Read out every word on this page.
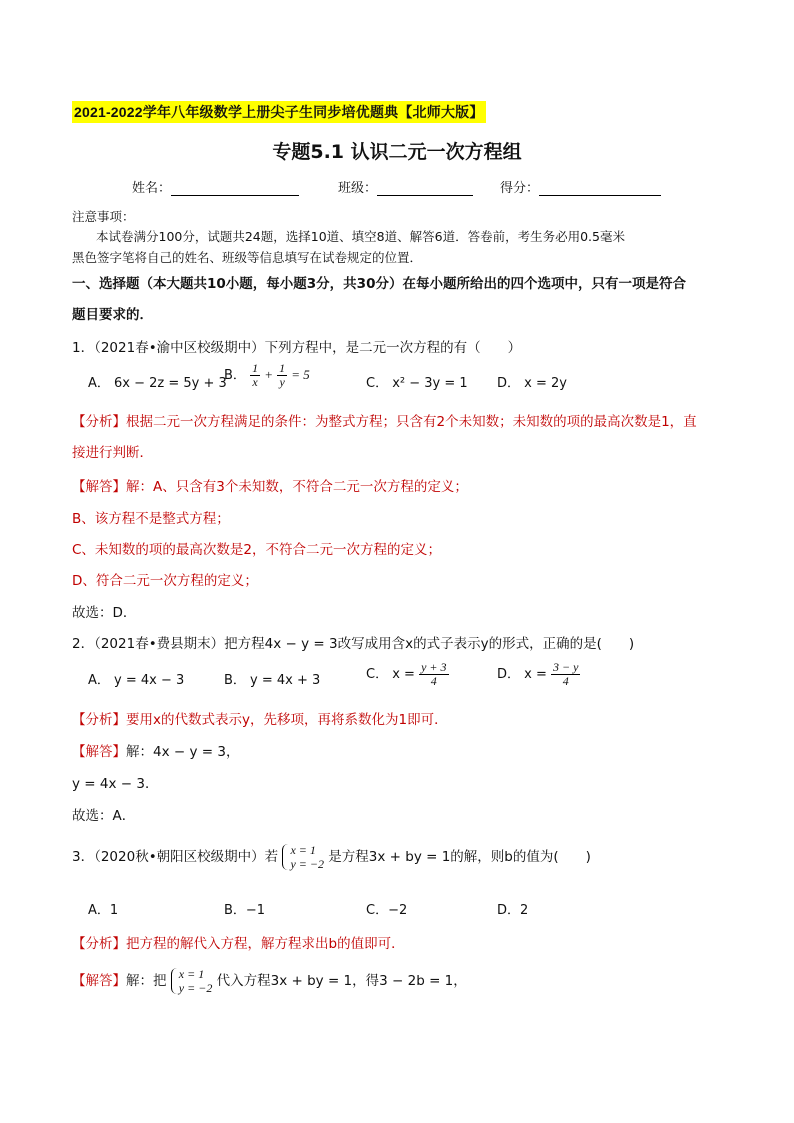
2021-2022学年八年级数学上册尖子生同步培优题典【北师大版】
专题5.1 认识二元一次方程组
姓名：	班级：	得分：
注意事项：
本试卷满分100分，试题共24题，选择10道、填空8道、解答6道．答卷前，考生务必用0.5毫米
黑色签字笔将自己的姓名、班级等信息填写在试卷规定的位置．
一、选择题（本大题共10小题，每小题3分，共30分）在每小题所给出的四个选项中，只有一项是符合
题目要求的．
1．（2021春•渝中区校级期中）下列方程中，是二元一次方程的有（　　）
A． 6x − 2z = 5y + 3
B． $\frac{1}{x} + \frac{1}{y} = 5$
C． x² − 3y = 1 D． x = 2y
【分析】根据二元一次方程满足的条件：为整式方程；只含有2个未知数；未知数的项的最高次数是1，直
接进行判断．
【解答】解：A、只含有3个未知数，不符合二元一次方程的定义；
B、该方程不是整式方程；
C、未知数的项的最高次数是2，不符合二元一次方程的定义；
D、符合二元一次方程的定义；
故选：D．
2．（2021春•费县期末）把方程4x − y = 3改写成用含x的式子表示y的形式，正确的是(　　)
A． y = 4x − 3	B． y = 4x + 3	C． $x = \frac{y + 3}{4}$	D． $x = \frac{3 - y}{4}$
【分析】要用x的代数式表示y，先移项，再将系数化为1即可．
【解答】解：4x − y = 3，
y = 4x − 3．
故选：A．
3．（2020秋•朝阳区校级期中）若 x = 1
y = −2 是方程3x + by = 1的解，则b的值为(　　)
A．1	B．−1	C．−2	D．2
【分析】把方程的解代入方程，解方程求出b的值即可．
【解答】解：把 x = 1
y = −2 代入方程3x + by = 1，得3 − 2b = 1，
